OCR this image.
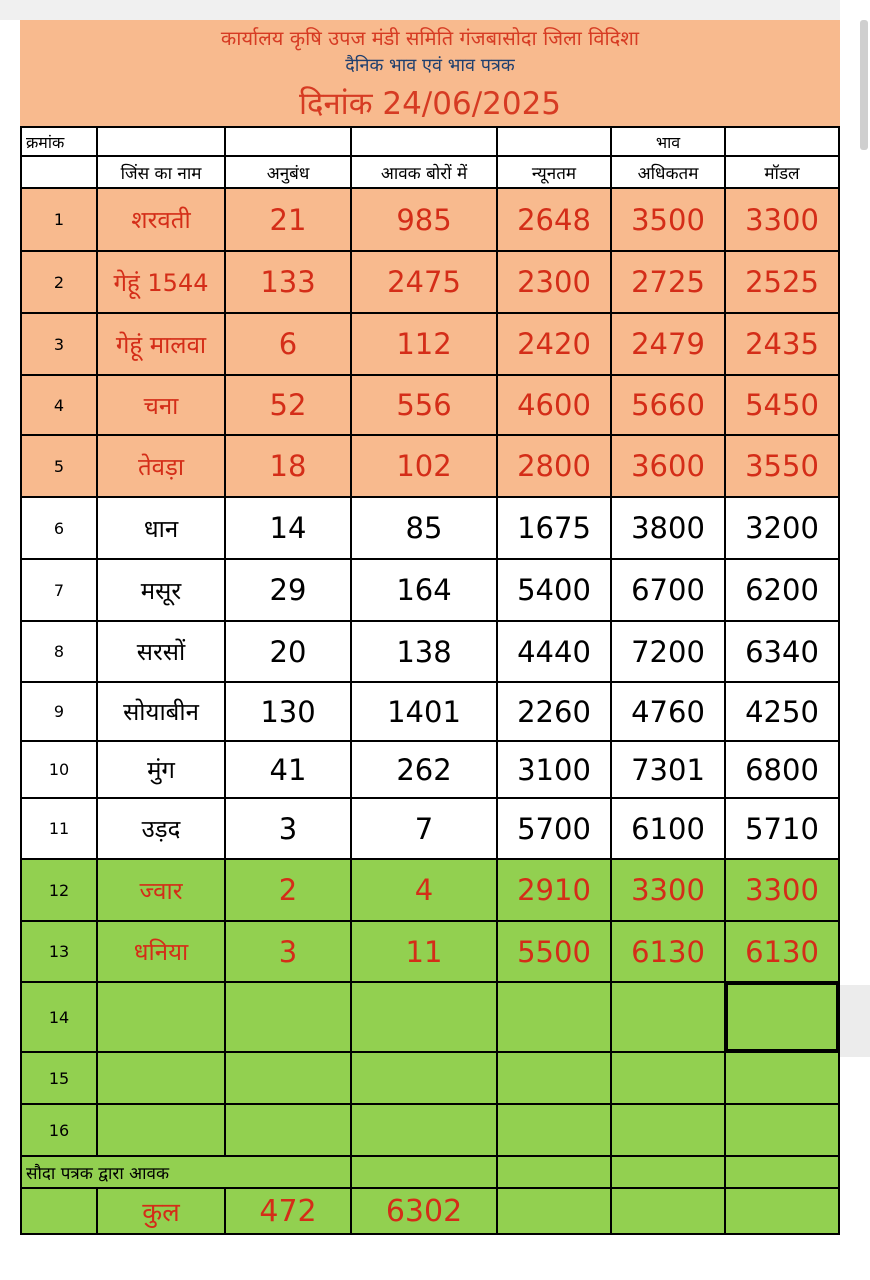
कार्यालय कृषि उपज मंडी समिति गंजबासोदा जिला विदिशा
दैनिक भाव एवं भाव पत्रक
दिनांक 24/06/2025
क्रमांक					भाव	
	जिंस का नाम	अनुबंध	आवक बोरों में	न्यूनतम	अधिकतम	मॉडल
1	शरवती	21	985	2648	3500	3300
2	गेहूं 1544	133	2475	2300	2725	2525
3	गेहूं मालवा	6	112	2420	2479	2435
4	चना	52	556	4600	5660	5450
5	तेवड़ा	18	102	2800	3600	3550
6	धान	14	85	1675	3800	3200
7	मसूर	29	164	5400	6700	6200
8	सरसों	20	138	4440	7200	6340
9	सोयाबीन	130	1401	2260	4760	4250
10	मुंग	41	262	3100	7301	6800
11	उड़द	3	7	5700	6100	5710
12	ज्वार	2	4	2910	3300	3300
13	धनिया	3	11	5500	6130	6130
14						
15						
16						
सौदा पत्रक द्वारा आवक						
	कुल	472	6302			
